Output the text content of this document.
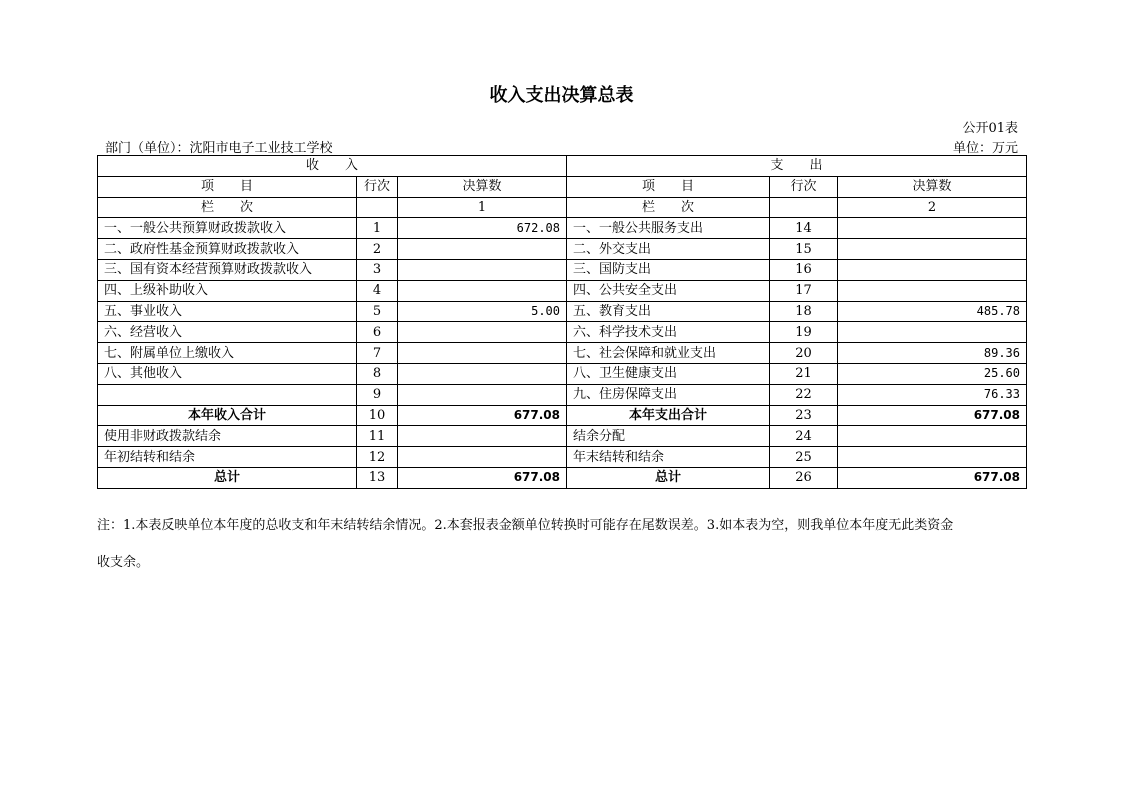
收入支出决算总表
公开01表
部门（单位）：沈阳市电子工业技工学校	单位：万元
收　　入			支　　出		
项　　目	行次	决算数	项　　目	行次	决算数
栏　　次		1	栏　　次		2
一、一般公共预算财政拨款收入	1	672.08	一、一般公共服务支出	14	
二、政府性基金预算财政拨款收入	2		二、外交支出	15	
三、国有资本经营预算财政拨款收入	3		三、国防支出	16	
四、上级补助收入	4		四、公共安全支出	17	
五、事业收入	5	5.00	五、教育支出	18	485.78
六、经营收入	6		六、科学技术支出	19	
七、附属单位上缴收入	7		七、社会保障和就业支出	20	89.36
八、其他收入	8		八、卫生健康支出	21	25.60
	9		九、住房保障支出	22	76.33
本年收入合计	10	677.08	本年支出合计	23	677.08
使用非财政拨款结余	11		结余分配	24	
年初结转和结余	12		年末结转和结余	25	
总计	13	677.08	总计	26	677.08
注：1.本表反映单位本年度的总收支和年末结转结余情况。2.本套报表金额单位转换时可能存在尾数误差。3.如本表为空，则我单位本年度无此类资金
收支余。
